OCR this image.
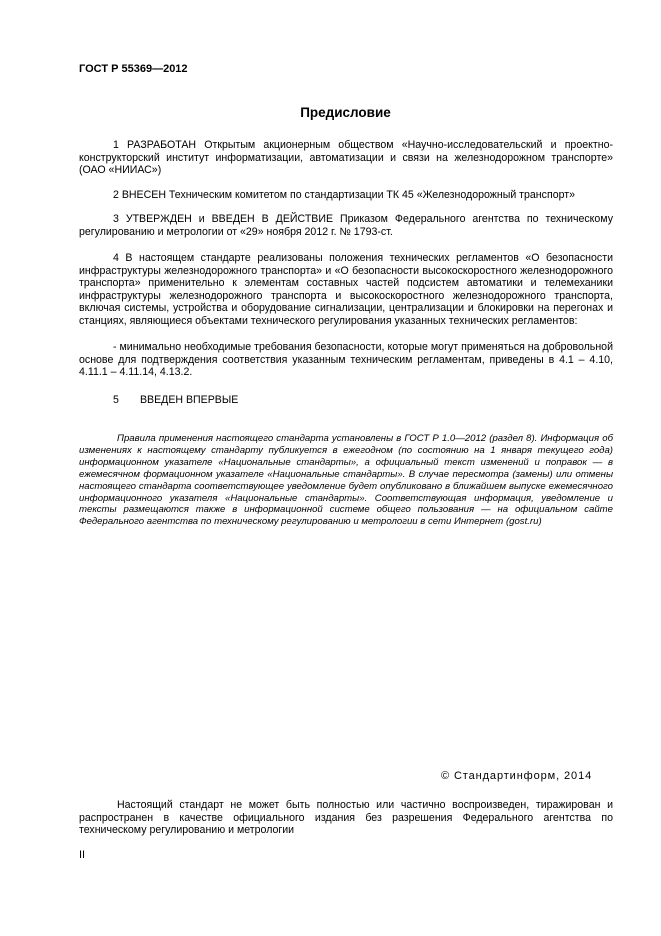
ГОСТ Р 55369—2012
Предисловие
1 РАЗРАБОТАН Открытым акционерным обществом «Научно-исследовательский и проектно-конструкторский институт информатизации, автоматизации и связи на железнодорожном транспорте» (ОАО «НИИАС»)
2 ВНЕСЕН Техническим комитетом по стандартизации ТК 45 «Железнодорожный транспорт»
3 УТВЕРЖДЕН и ВВЕДЕН В ДЕЙСТВИЕ Приказом Федерального агентства по техническому регулированию и метрологии от «29» ноября 2012 г. № 1793-ст.
4 В настоящем стандарте реализованы положения технических регламентов «О безопасности инфраструктуры железнодорожного транспорта» и «О безопасности высокоскоростного железнодорожного транспорта» применительно к элементам составных частей подсистем автоматики и телемеханики инфраструктуры железнодорожного транспорта и высокоскоростного железнодорожного транспорта, включая системы, устройства и оборудование сигнализации, централизации и блокировки на перегонах и станциях, являющиеся объектами технического регулирования указанных технических регламентов:
- минимально необходимые требования безопасности, которые могут применяться на добровольной основе для подтверждения соответствия указанным техническим регламентам, приведены в 4.1 – 4.10, 4.11.1 – 4.11.14, 4.13.2.
5 ВВЕДЕН ВПЕРВЫЕ
Правила применения настоящего стандарта установлены в ГОСТ Р 1.0—2012 (раздел 8). Информация об изменениях к настоящему стандарту публикуется в ежегодном (по состоянию на 1 января текущего года) информационном указателе «Национальные стандарты», а официальный текст изменений и поправок — в ежемесячном формационном указателе «Национальные стандарты». В случае пересмотра (замены) или отмены настоящего стандарта соответствующее уведомление будет опубликовано в ближайшем выпуске ежемесячного информационного указателя «Национальные стандарты». Соответствующая информация, уведомление и тексты размещаются также в информационной системе общего пользования — на официальном сайте Федерального агентства по техническому регулированию и метрологии в сети Интернет (gost.ru)
© Стандартинформ, 2014
Настоящий стандарт не может быть полностью или частично воспроизведен, тиражирован и распространен в качестве официального издания без разрешения Федерального агентства по техническому регулированию и метрологии
II
